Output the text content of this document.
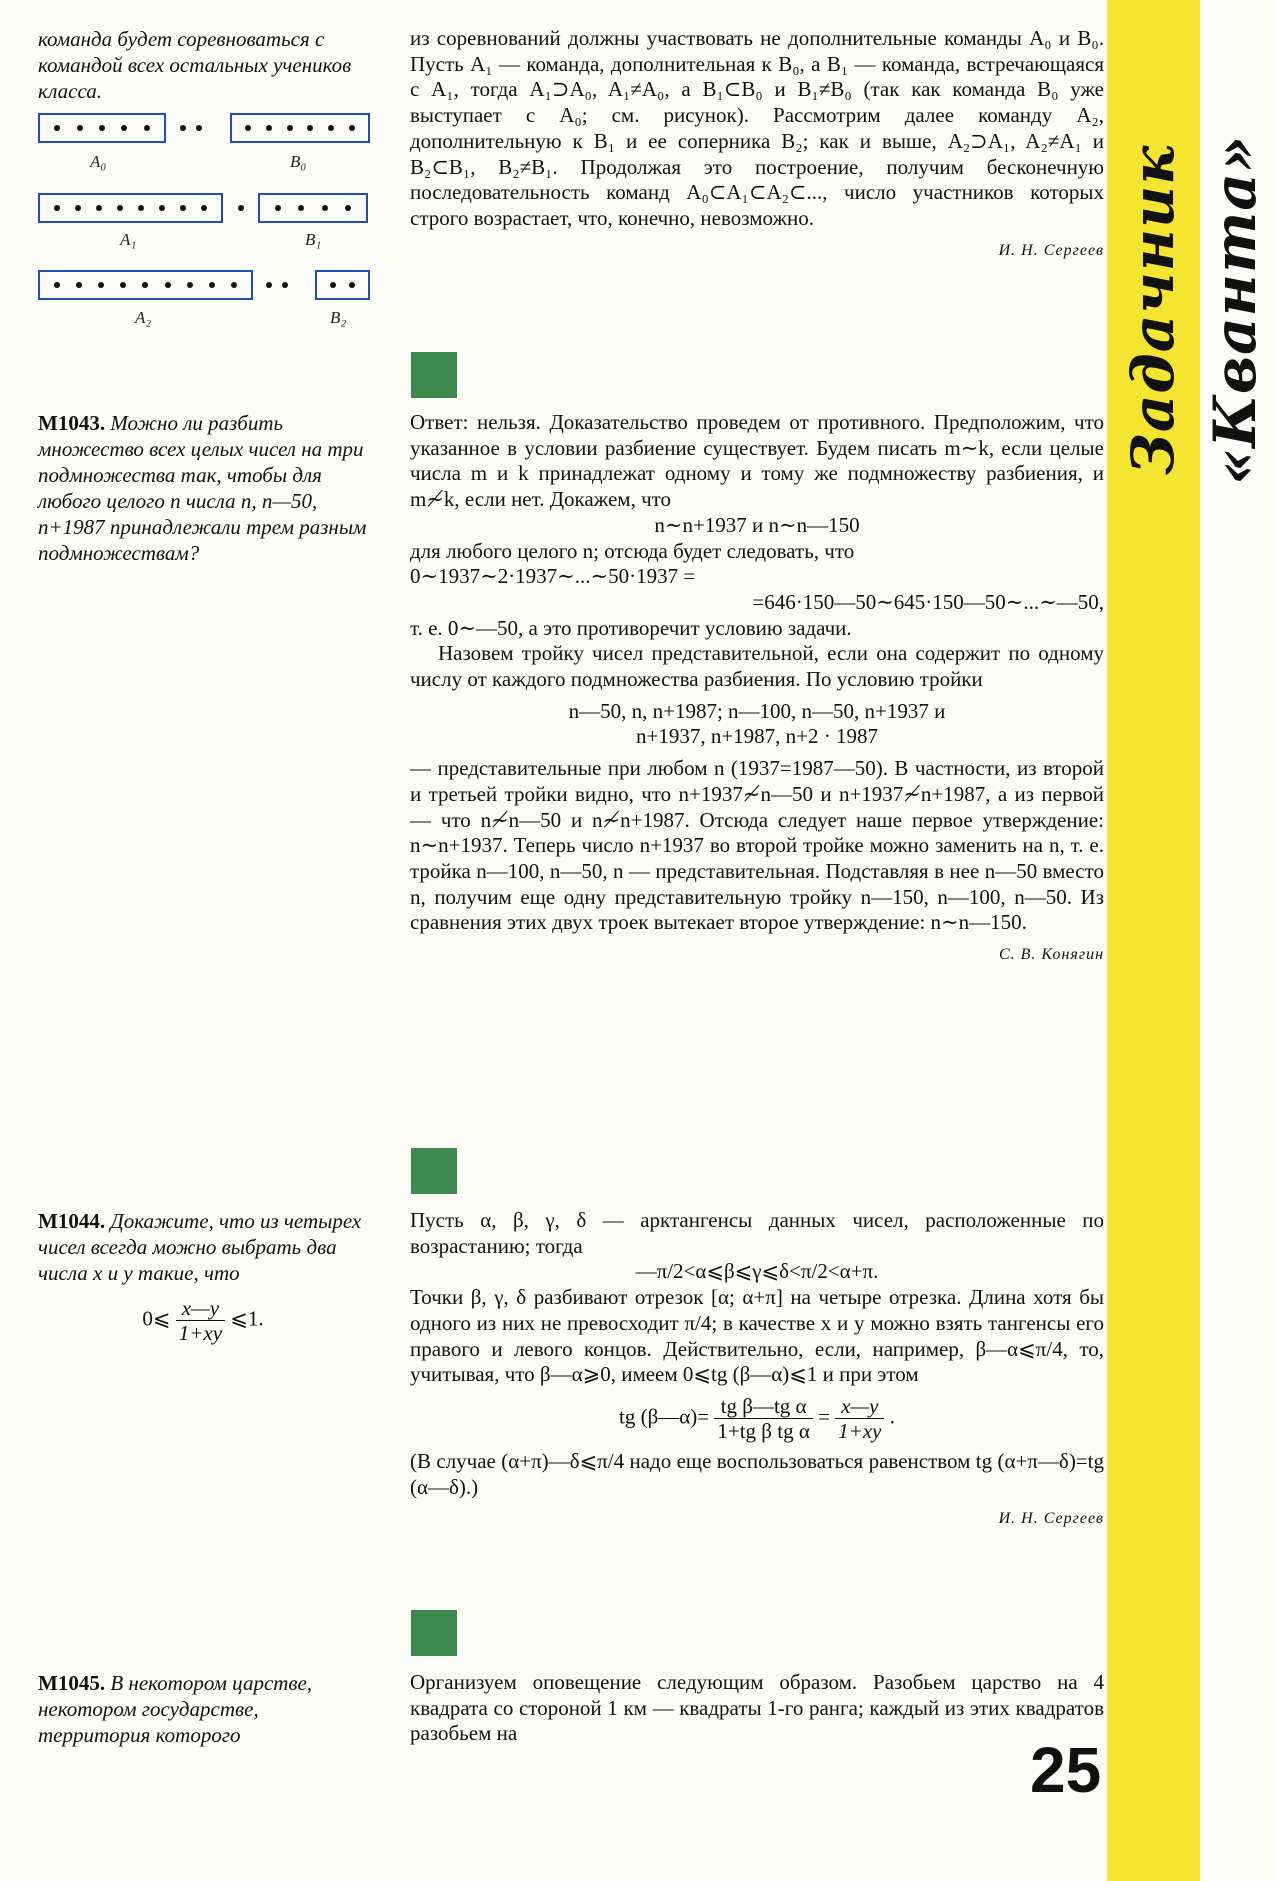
Задачник «Кванта»
25
команда будет соревноваться с командой всех остальных учеников класса.
A₀	B₀
A₁	B₁
A₂	B₂

из соревнований должны участвовать не дополнительные команды A₀ и B₀. Пусть A₁ — команда, дополнительная к B₀, а B₁ — команда, встречающаяся с A₁, тогда A₁⊃A₀, A₁≠A₀, а B₁⊂B₀ и B₁≠B₀ (так как команда B₀ уже выступает с A₀; см. рисунок). Рассмотрим далее команду A₂, дополнительную к B₁ и ее соперника B₂; как и выше, A₂⊃A₁, A₂≠A₁ и B₂⊂B₁, B₂≠B₁. Продолжая это построение, получим бесконечную последовательность команд A₀⊂A₁⊂A₂⊂..., число участников которых строго возрастает, что, конечно, невозможно.

И. Н. Сергеев
М1043. Можно ли разбить множество всех целых чисел на три подмножества так, чтобы для любого целого n числа n, n—50, n+1987 принадлежали трем разным подмножествам?

Ответ: нельзя. Доказательство проведем от противного. Предположим, что указанное в условии разбиение существует. Будем писать m∼k, если целые числа m и k принадлежат одному и тому же подмножеству разбиения, и m≁k, если нет. Докажем, что

n∼n+1937 и n∼n—150

для любого целого n; отсюда будет следовать, что

0∼1937∼2·1937∼...∼50·1937 =

=646·150—50∼645·150—50∼...∼—50,

т. е. 0∼—50, а это противоречит условию задачи.

Назовем тройку чисел представительной, если она содержит по одному числу от каждого подмножества разбиения. По условию тройки

n—50, n, n+1987; n—100, n—50, n+1937 и

n+1937, n+1987, n+2 · 1987

— представительные при любом n (1937=1987—50). В частности, из второй и третьей тройки видно, что n+1937≁n—50 и n+1937≁n+1987, а из первой — что n≁n—50 и n≁n+1987. Отсюда следует наше первое утверждение: n∼n+1937. Теперь число n+1937 во второй тройке можно заменить на n, т. е. тройка n—100, n—50, n — представительная. Подставляя в нее n—50 вместо n, получим еще одну представительную тройку n—150, n—100, n—50. Из сравнения этих двух троек вытекает второе утверждение: n∼n—150.

С. В. Конягин
М1044. Докажите, что из четырех чисел всегда можно выбрать два числа x и y такие, что
0⩽ $\frac{x—y}{1+xy}$ ⩽1.

Пусть α, β, γ, δ — арктангенсы данных чисел, расположенные по возрастанию; тогда

—π/2<α⩽β⩽γ⩽δ<π/2<α+π.

Точки β, γ, δ разбивают отрезок [α; α+π] на четыре отрезка. Длина хотя бы одного из них не превосходит π/4; в качестве x и y можно взять тангенсы его правого и левого концов. Действительно, если, например, β—α⩽π/4, то, учитывая, что β—α⩾0, имеем 0⩽tg (β—α)⩽1 и при этом

tg (β—α)= $\frac{\text{tg β—tg α}}{\text{1+tg β tg α}} = \frac{x—y}{1+xy}$ .

(В случае (α+π)—δ⩽π/4 надо еще воспользоваться равенством tg (α+π—δ)=tg (α—δ).)

И. Н. Сергеев
М1045. В некотором царстве, некотором государстве, территория которого

Организуем оповещение следующим образом. Разобьем царство на 4 квадрата со стороной 1 км — квадраты 1-го ранга; каждый из этих квадратов разобьем на
